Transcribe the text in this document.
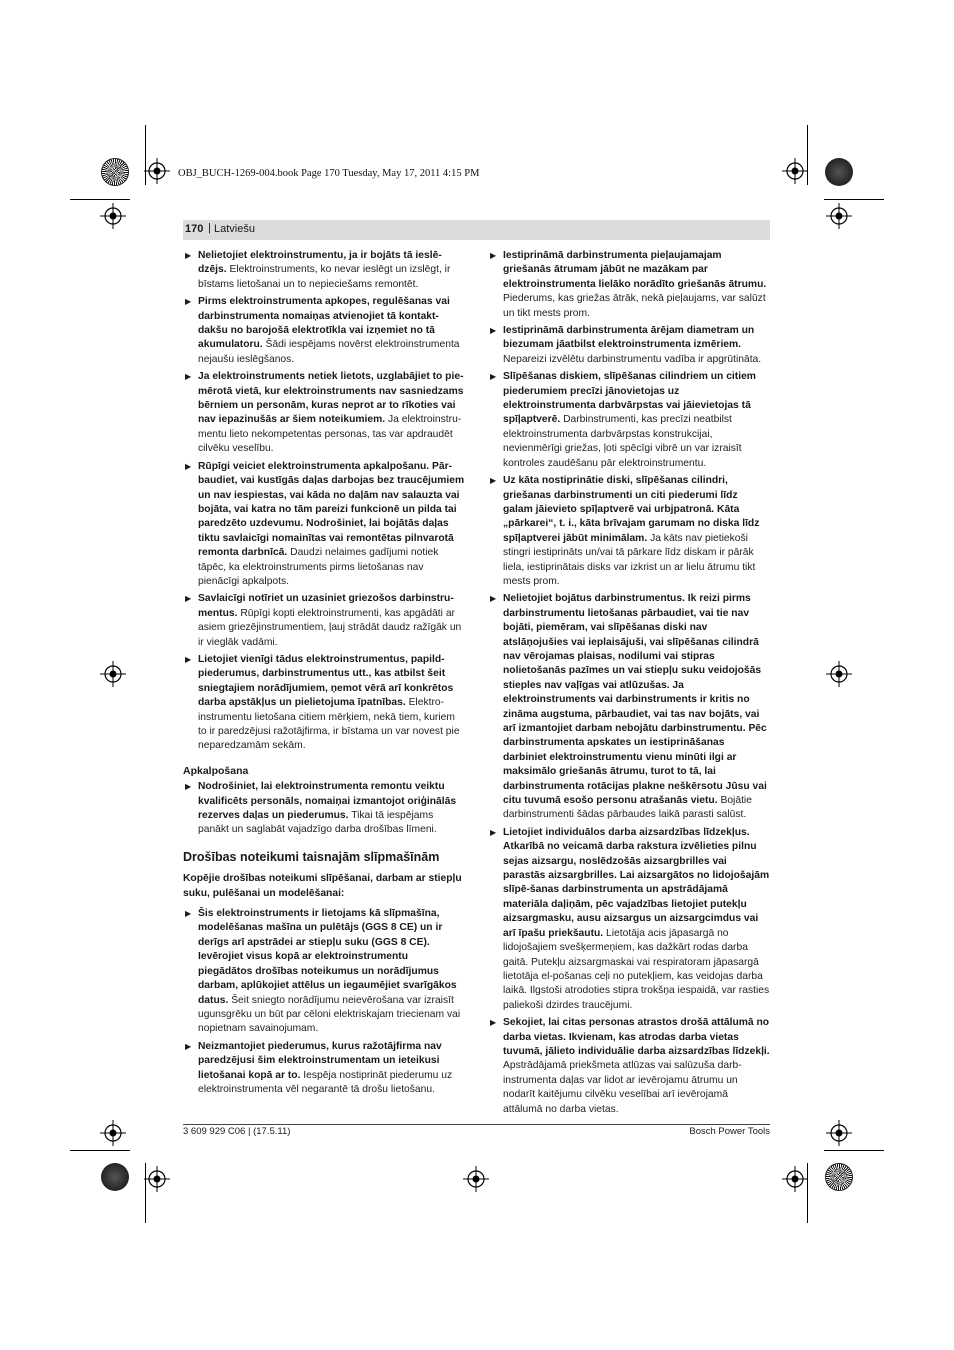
OBJ_BUCH-1269-004.book Page 170 Tuesday, May 17, 2011 4:15 PM
170 | Latviešu
▶ Nelietojiet elektroinstrumentu, ja ir bojāts tā ieslē-dzējs. Elektroinstruments, ko nevar ieslēgt un izslēgt, ir bīstams lietošanai un to nepieciešams remontēt.
▶ Pirms elektroinstrumenta apkopes, regulēšanas vai darbinstrumenta nomaiņas atvienojiet tā kontakt-dakšu no barojošā elektrotīkla vai izņemiet no tā akumulatoru. Šādi iespējams novērst elektroinstrumenta nejaušu ieslēgšanos.
▶ Ja elektroinstruments netiek lietots, uzglabājiet to pie-mērotā vietā, kur elektroinstruments nav sasniedzams bērniem un personām, kuras neprot ar to rīkoties vai nav iepazinušās ar šiem noteikumiem. Ja elektroinstru-mentu lieto nekompetentas personas, tas var apdraudēt cilvēku veselību.
▶ Rūpīgi veiciet elektroinstrumenta apkalpošanu. Pār-baudiet, vai kustīgās daļas darbojas bez traucējumiem un nav iespiestas, vai kāda no daļām nav salauzta vai bojāta, vai katra no tām pareizi funkcionē un pilda tai paredzēto uzdevumu. Nodrošiniet, lai bojātās daļas tiktu savlaicīgi nomainītas vai remontētas pilnvarotā remonta darbnīcā. Daudzi nelaimes gadījumi notiek tāpēc, ka elektroinstruments pirms lietošanas nav pienācīgi apkalpots.
▶ Savlaicīgi notīriet un uzasiniet griezošos darbinstru-mentus. Rūpīgi kopti elektroinstrumenti, kas apgādāti ar asiem griezējinstrumentiem, ļauj strādāt daudz ražīgāk un ir vieglāk vadāmi.
▶ Lietojiet vienīgi tādus elektroinstrumentus, papild-piederumus, darbinstrumentus utt., kas atbilst šeit sniegtajiem norādījumiem, ņemot vērā arī konkrētos darba apstākļus un pielietojuma īpatnības. Elektro-instrumentu lietošana citiem mērķiem, nekā tiem, kuriem to ir paredzējusi ražotājfirma, ir bīstama un var novest pie neparedzamām sekām.
Apkalpošana
▶ Nodrošiniet, lai elektroinstrumenta remontu veiktu kvalificēts personāls, nomaiņai izmantojot oriģinālās rezerves daļas un piederumus. Tikai tā iespējams panākt un saglabāt vajadzīgo darba drošības līmeni.
Drošības noteikumi taisnajām slīpmašīnām
Kopējie drošības noteikumi slīpēšanai, darbam ar stiepļu suku, pulēšanai un modelēšanai:
▶ Šis elektroinstruments ir lietojams kā slīpmašīna, modelēšanas mašīna un pulētājs (GGS 8 CE) un ir derīgs arī apstrādei ar stiepļu suku (GGS 8 CE). Ievērojiet visus kopā ar elektroinstrumentu piegādātos drošības noteikumus un norādījumus darbam, aplūkojiet attēlus un iegaumējiet svarīgākos datus. Šeit sniegto norādījumu neievērošana var izraisīt ugunsgrēku un būt par cēloni elektriskajam triecienam vai nopietnam savainojumam.
▶ Neizmantojiet piederumus, kurus ražotājfirma nav paredzējusi šim elektroinstrumentam un ieteikusi lietošanai kopā ar to. Iespēja nostiprināt piederumu uz elektroinstrumenta vēl negarantē tā drošu lietošanu.
▶ Iestiprināmā darbinstrumenta pieļaujamajam griešanās ātrumam jābūt ne mazākam par elektroinstrumenta lielāko norādīto griešanās ātrumu. Piederums, kas griežas ātrāk, nekā pieļaujams, var salūzt un tikt mests prom.
▶ Iestiprināmā darbinstrumenta ārējam diametram un biezumam jāatbilst elektroinstrumenta izmēriem. Nepareizi izvēlētu darbinstrumentu vadība ir apgrūtināta.
▶ Slīpēšanas diskiem, slīpēšanas cilindriem un citiem piederumiem precīzi jānovietojas uz elektroinstrumenta darbvārpstas vai jāievietojas tā spīļaptverē. Darbinstrumenti, kas precīzi neatbilst elektroinstrumenta darbvārpstas konstrukcijai, nevienmērīgi griežas, ļoti spēcīgi vibrē un var izraisīt kontroles zaudēšanu pār elektroinstrumentu.
▶ Uz kāta nostiprinātie diski, slīpēšanas cilindri, griešanas darbinstrumenti un citi piederumi līdz galam jāievieto spīļaptverē vai urbjpatronā. Kāta „pārkarei“, t. i., kāta brīvajam garumam no diska līdz spīļaptverei jābūt minimālam. Ja kāts nav pietiekoši stingri iestiprināts un/vai tā pārkare līdz diskam ir pārāk liela, iestiprinātais disks var izkrist un ar lielu ātrumu tikt mests prom.
▶ Nelietojiet bojātus darbinstrumentus. Ik reizi pirms darbinstrumentu lietošanas pārbaudiet, vai tie nav bojāti, piemēram, vai slīpēšanas diski nav atslāņojušies vai ieplaisājuši, vai slīpēšanas cilindrā nav vērojamas plaisas, nodilumi vai stipras nolietošanās pazīmes un vai stiepļu suku veidojošās stieples nav vaļīgas vai atlūzušas. Ja elektroinstruments vai darbinstruments ir kritis no zināma augstuma, pārbaudiet, vai tas nav bojāts, vai arī izmantojiet darbam nebojātu darbinstrumentu. Pēc darbinstrumenta apskates un iestiprināšanas darbiniet elektroinstrumentu vienu minūti ilgi ar maksimālo griešanās ātrumu, turot to tā, lai darbinstrumenta rotācijas plakne neškērsotu Jūsu vai citu tuvumā esošo personu atrašanās vietu. Bojātie darbinstrumenti šādas pārbaudes laikā parasti salūst.
▶ Lietojiet individuālos darba aizsardzības līdzekļus. Atkarībā no veicamā darba rakstura izvēlieties pilnu sejas aizsargu, noslēdzošās aizsargbrilles vai parastās aizsargbrilles. Lai aizsargātos no lidojošajām slīpē-šanas darbinstrumenta un apstrādājamā materiāla daļiņām, pēc vajadzības lietojiet putekļu aizsargmasku, ausu aizsargus un aizsargcimdus vai arī īpašu priekšautu. Lietotāja acis jāpasargā no lidojošajiem svešķermeņiem, kas dažkārt rodas darba gaitā. Putekļu aizsargmaskai vai respiratoram jāpasargā lietotāja el-pošanas ceļi no putekļiem, kas veidojas darba laikā. Ilgstoši atrodoties stipra trokšņa iespaidā, var rasties paliekoši dzirdes traucējumi.
▶ Sekojiet, lai citas personas atrastos drošā attālumā no darba vietas. Ikvienam, kas atrodas darba vietas tuvumā, jālieto individuālie darba aizsardzības līdzekļi. Apstrādājamā priekšmeta atlūzas vai salūzuša darb-instrumenta daļas var lidot ar ievērojamu ātrumu un nodarīt kaitējumu cilvēku veselībai arī ievērojamā attālumā no darba vietas.
3 609 929 C06 | (17.5.11)	Bosch Power Tools
